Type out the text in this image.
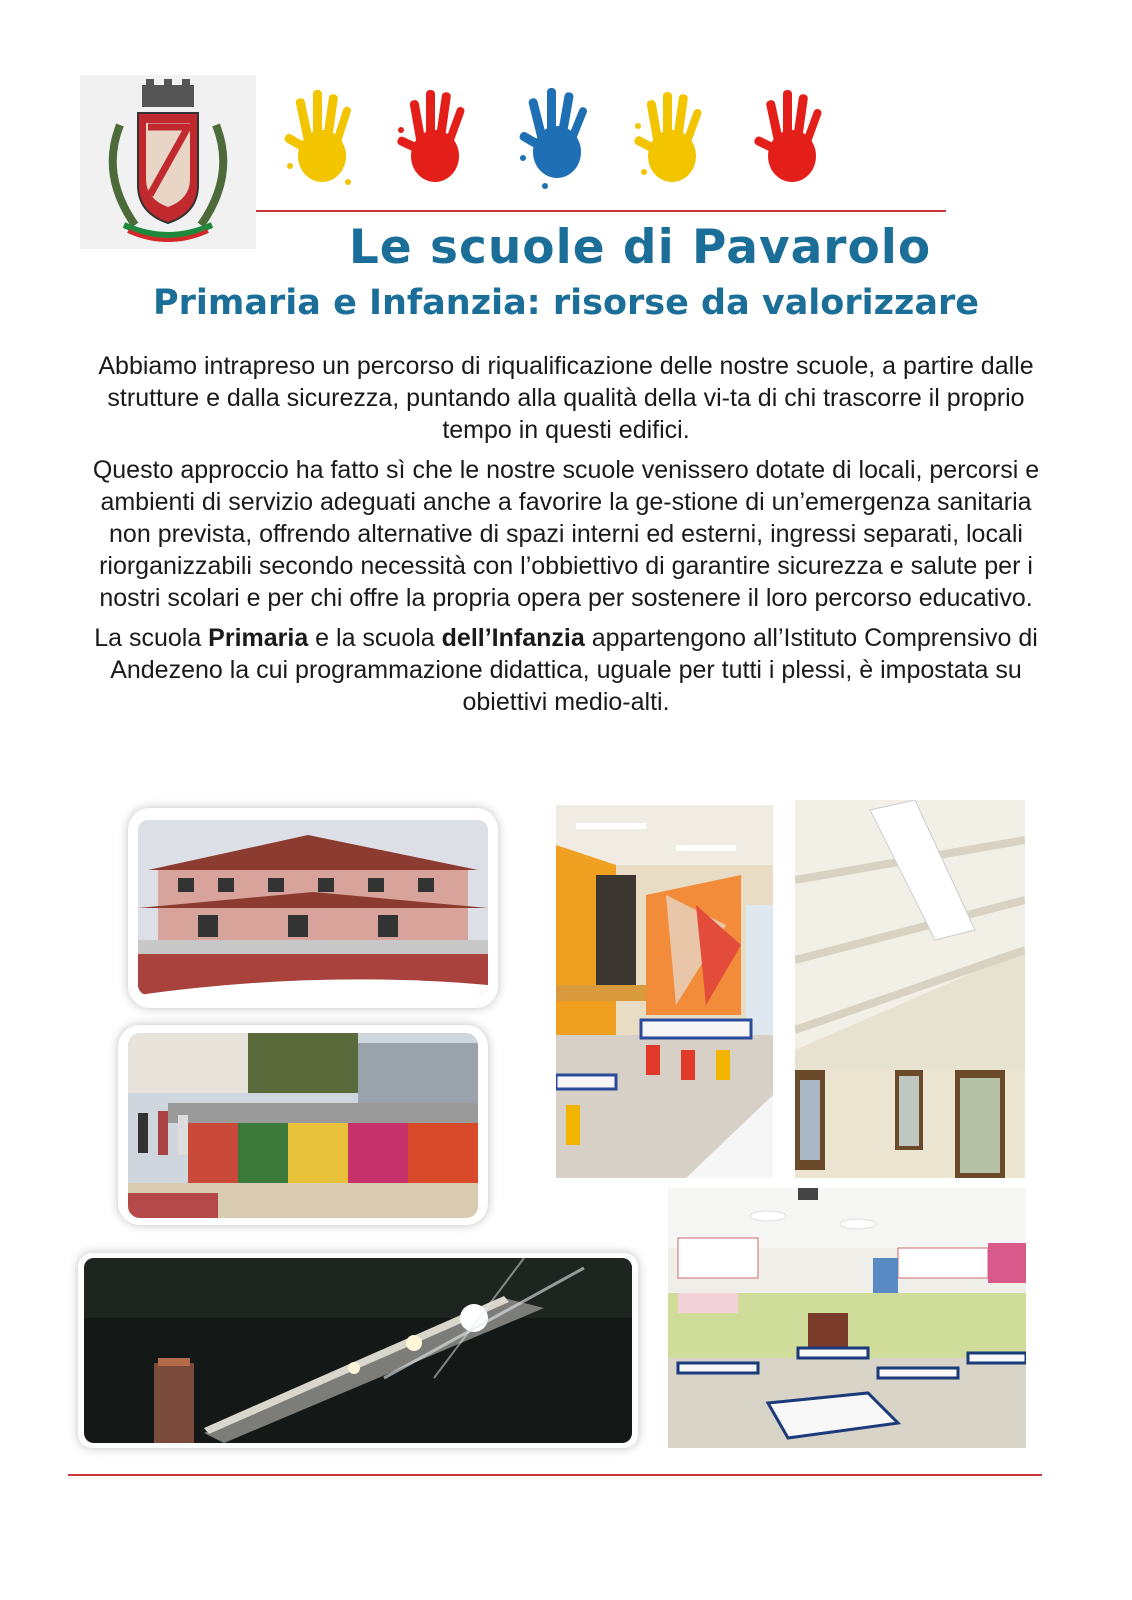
Le scuole di Pavarolo
Primaria e Infanzia: risorse da valorizzare

Abbiamo intrapreso un percorso di riqualificazione delle nostre scuole, a partire dalle strutture e dalla sicurezza, puntando alla qualità della vi-ta di chi trascorre il proprio tempo in questi edifici.

Questo approccio ha fatto sì che le nostre scuole venissero dotate di locali, percorsi e ambienti di servizio adeguati anche a favorire la ge-stione di un’emergenza sanitaria non prevista, offrendo alternative di spazi interni ed esterni, ingressi separati, locali riorganizzabili secondo necessità con l’obbiettivo di garantire sicurezza e salute per i nostri scolari e per chi offre la propria opera per sostenere il loro percorso educativo.

La scuola Primaria e la scuola dell’Infanzia appartengono all’Istituto Comprensivo di Andezeno la cui programmazione didattica, uguale per tutti i plessi, è impostata su obiettivi medio-alti.
